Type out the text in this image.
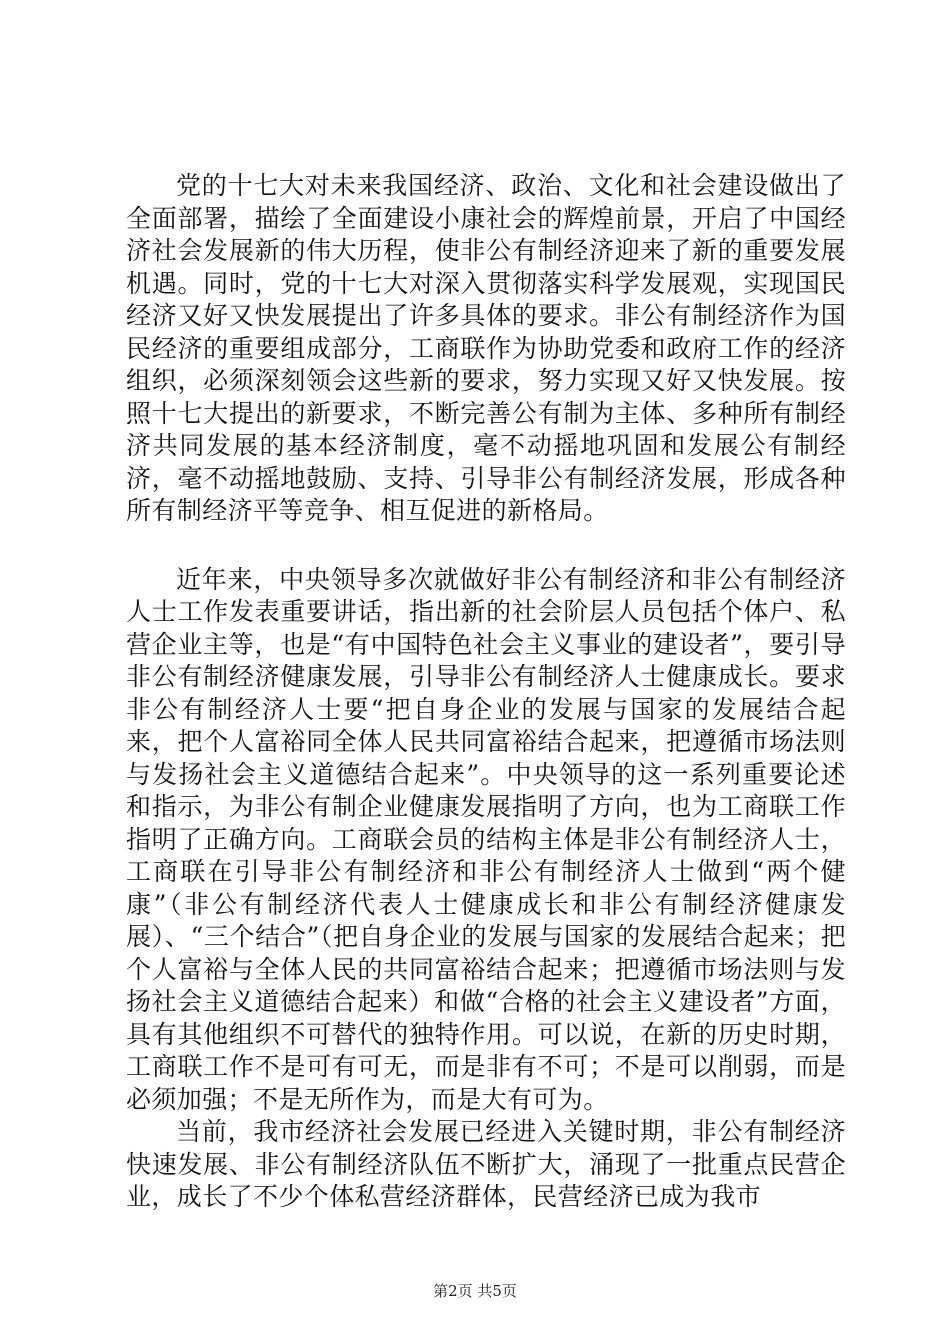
党的十七大对未来我国经济、政治、文化和社会建设做出了全面部署，描绘了全面建设小康社会的辉煌前景，开启了中国经济社会发展新的伟大历程，使非公有制经济迎来了新的重要发展机遇。同时，党的十七大对深入贯彻落实科学发展观，实现国民经济又好又快发展提出了许多具体的要求。非公有制经济作为国民经济的重要组成部分，工商联作为协助党委和政府工作的经济组织，必须深刻领会这些新的要求，努力实现又好又快发展。按照十七大提出的新要求，不断完善公有制为主体、多种所有制经济共同发展的基本经济制度，毫不动摇地巩固和发展公有制经济，毫不动摇地鼓励、支持、引导非公有制经济发展，形成各种所有制经济平等竞争、相互促进的新格局。

近年来，中央领导多次就做好非公有制经济和非公有制经济人士工作发表重要讲话，指出新的社会阶层人员包括个体户、私营企业主等，也是“有中国特色社会主义事业的建设者”，要引导非公有制经济健康发展，引导非公有制经济人士健康成长。要求非公有制经济人士要“把自身企业的发展与国家的发展结合起来，把个人富裕同全体人民共同富裕结合起来，把遵循市场法则与发扬社会主义道德结合起来”。中央领导的这一系列重要论述和指示，为非公有制企业健康发展指明了方向，也为工商联工作指明了正确方向。工商联会员的结构主体是非公有制经济人士，工商联在引导非公有制经济和非公有制经济人士做到“两个健康”（非公有制经济代表人士健康成长和非公有制经济健康发展）、“三个结合”（把自身企业的发展与国家的发展结合起来；把个人富裕与全体人民的共同富裕结合起来；把遵循市场法则与发扬社会主义道德结合起来）和做“合格的社会主义建设者”方面，具有其他组织不可替代的独特作用。可以说，在新的历史时期，工商联工作不是可有可无，而是非有不可；不是可以削弱，而是必须加强；不是无所作为，而是大有可为。

当前，我市经济社会发展已经进入关键时期，非公有制经济快速发展、非公有制经济队伍不断扩大，涌现了一批重点民营企业，成长了不少个体私营经济群体，民营经济已成为我市

第2页 共5页
